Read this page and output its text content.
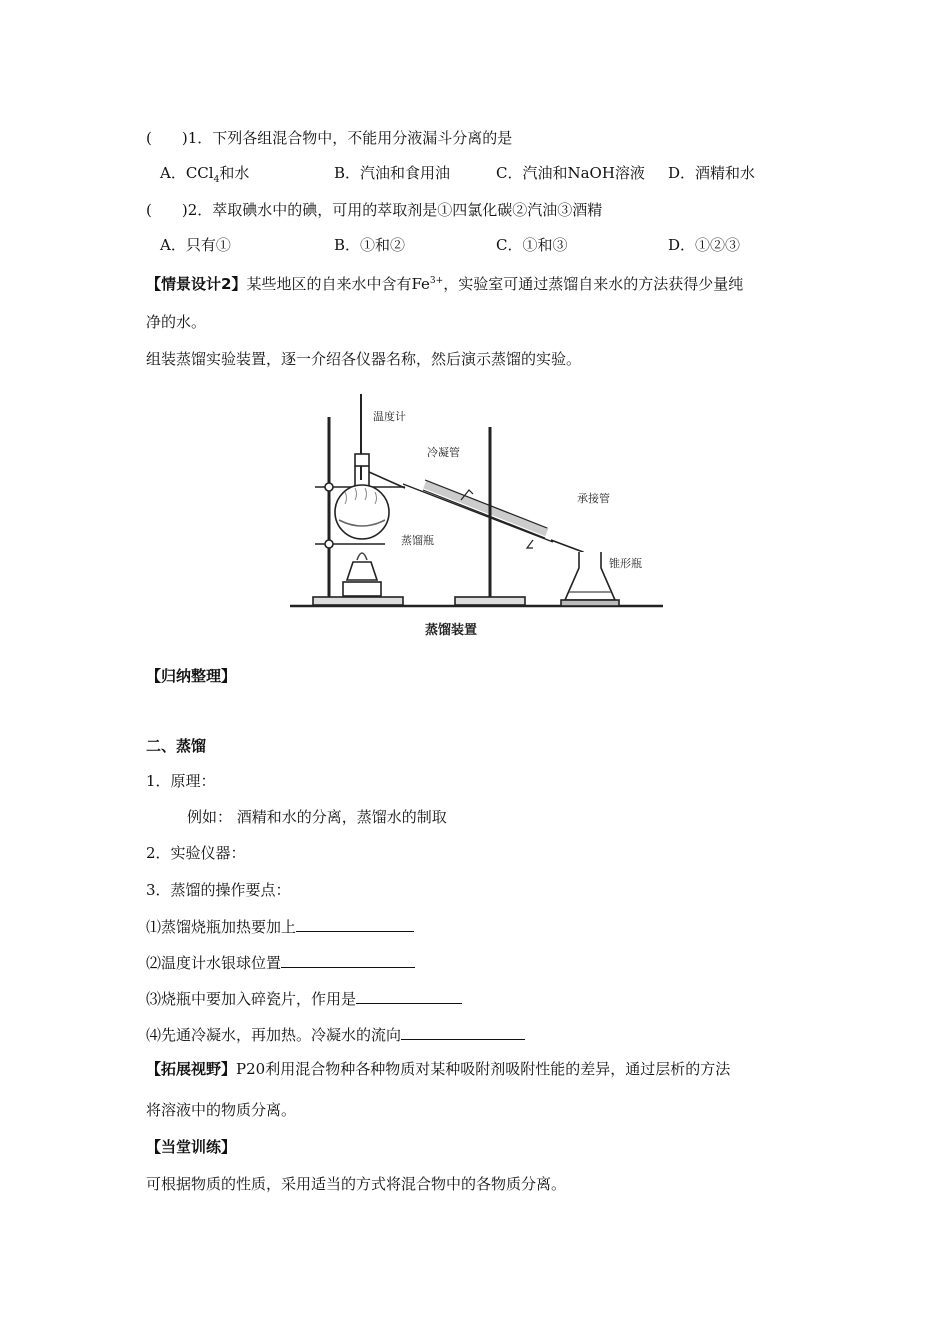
(　　)1．下列各组混合物中，不能用分液漏斗分离的是
A．CCl$_4$和水	B．汽油和食用油	C．汽油和NaOH溶液 D．酒精和水
(　　)2．萃取碘水中的碘，可用的萃取剂是①四氯化碳②汽油③酒精
A．只有①	B．①和②	C．①和③	D．①②③
【情景设计2】某些地区的自来水中含有$Fe^{3+}$，实验室可通过蒸馏自来水的方法获得少量纯
净的水。
组装蒸馏实验装置，逐一介绍各仪器名称，然后演示蒸馏的实验。
温度计
冷凝管
蒸馏瓶
承接管
锥形瓶
蒸馏装置
【归纳整理】
二、蒸馏
1．原理：
例如： 酒精和水的分离，蒸馏水的制取
2．实验仪器：
3．蒸馏的操作要点：
⑴蒸馏烧瓶加热要加上
⑵温度计水银球位置
⑶烧瓶中要加入碎瓷片，作用是
⑷先通冷凝水，再加热。冷凝水的流向
【拓展视野】P20利用混合物种各种物质对某种吸附剂吸附性能的差异，通过层析的方法
将溶液中的物质分离。
【当堂训练】
可根据物质的性质，采用适当的方式将混合物中的各物质分离。
